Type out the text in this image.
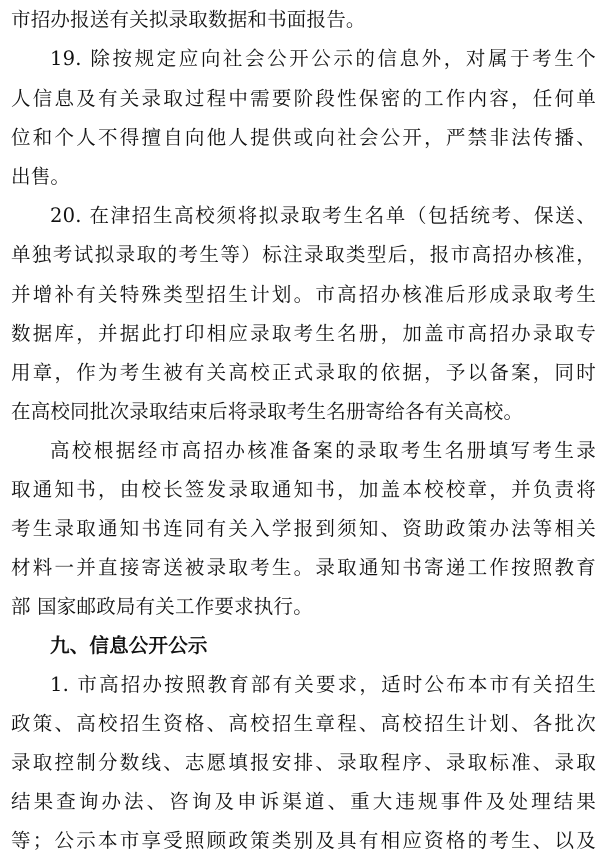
市招办报送有关拟录取数据和书面报告。
19. 除按规定应向社会公开公示的信息外，对属于考生个
人信息及有关录取过程中需要阶段性保密的工作内容，任何单
位和个人不得擅自向他人提供或向社会公开，严禁非法传播、
出售。
20. 在津招生高校须将拟录取考生名单（包括统考、保送、
单独考试拟录取的考生等）标注录取类型后，报市高招办核准，
并增补有关特殊类型招生计划。市高招办核准后形成录取考生
数据库，并据此打印相应录取考生名册，加盖市高招办录取专
用章，作为考生被有关高校正式录取的依据，予以备案，同时
在高校同批次录取结束后将录取考生名册寄给各有关高校。
高校根据经市高招办核准备案的录取考生名册填写考生录
取通知书，由校长签发录取通知书，加盖本校校章，并负责将
考生录取通知书连同有关入学报到须知、资助政策办法等相关
材料一并直接寄送被录取考生。录取通知书寄递工作按照教育
部 国家邮政局有关工作要求执行。
九、信息公开公示
1. 市高招办按照教育部有关要求，适时公布本市有关招生
政策、高校招生资格、高校招生章程、高校招生计划、各批次
录取控制分数线、志愿填报安排、录取程序、录取标准、录取
结果查询办法、咨询及申诉渠道、重大违规事件及处理结果
等；公示本市享受照顾政策类别及具有相应资格的考生、以及
